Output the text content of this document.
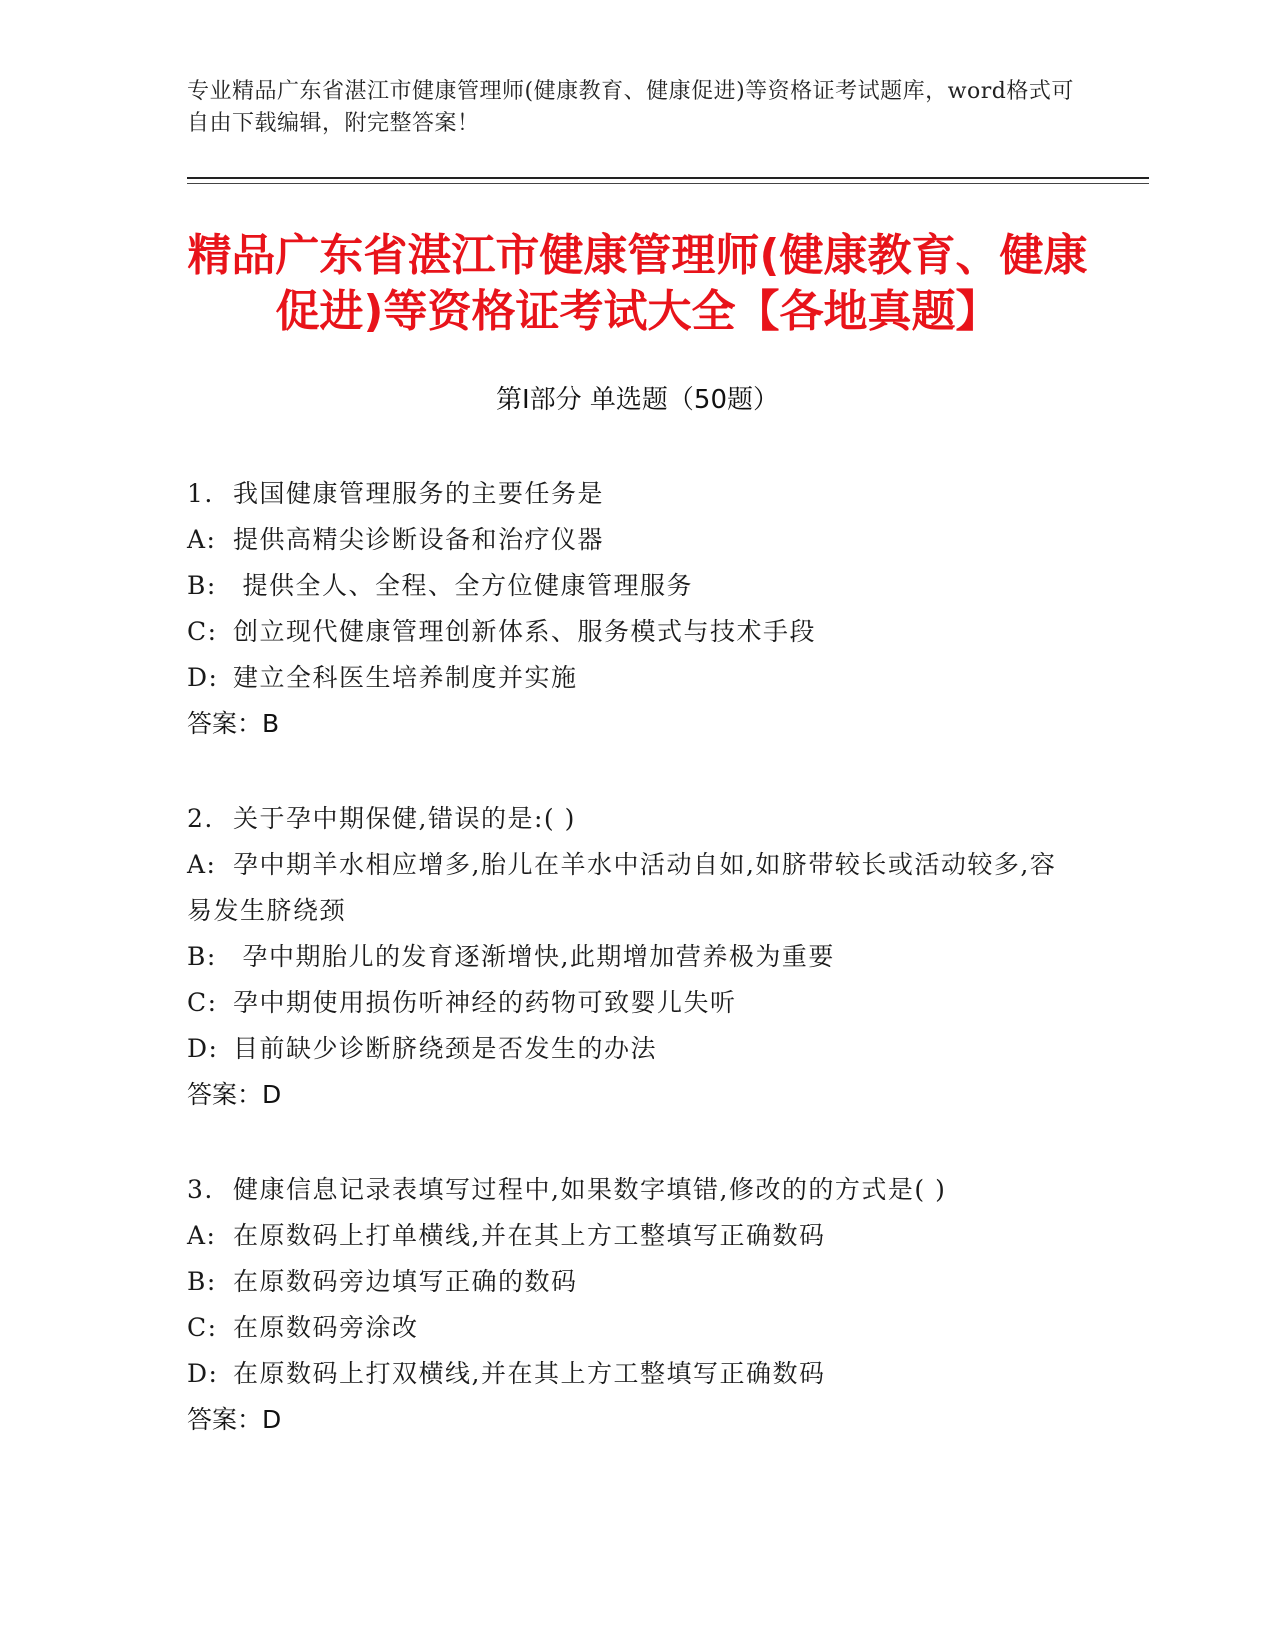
专业精品广东省湛江市健康管理师(健康教育、健康促进)等资格证考试题库，word格式可自由下载编辑，附完整答案！
精品广东省湛江市健康管理师(健康教育、健康促进)等资格证考试大全【各地真题】
第Ⅰ部分 单选题（50题）
1. 我国健康管理服务的主要任务是
A: 提供高精尖诊断设备和治疗仪器
B: 提供全人、全程、全方位健康管理服务
C: 创立现代健康管理创新体系、服务模式与技术手段
D: 建立全科医生培养制度并实施
答案：B
2. 关于孕中期保健,错误的是:( )
A: 孕中期羊水相应增多,胎儿在羊水中活动自如,如脐带较长或活动较多,容易发生脐绕颈
B: 孕中期胎儿的发育逐渐增快,此期增加营养极为重要
C: 孕中期使用损伤听神经的药物可致婴儿失听
D: 目前缺少诊断脐绕颈是否发生的办法
答案：D
3. 健康信息记录表填写过程中,如果数字填错,修改的的方式是( )
A: 在原数码上打单横线,并在其上方工整填写正确数码
B: 在原数码旁边填写正确的数码
C: 在原数码旁涂改
D: 在原数码上打双横线,并在其上方工整填写正确数码
答案：D
